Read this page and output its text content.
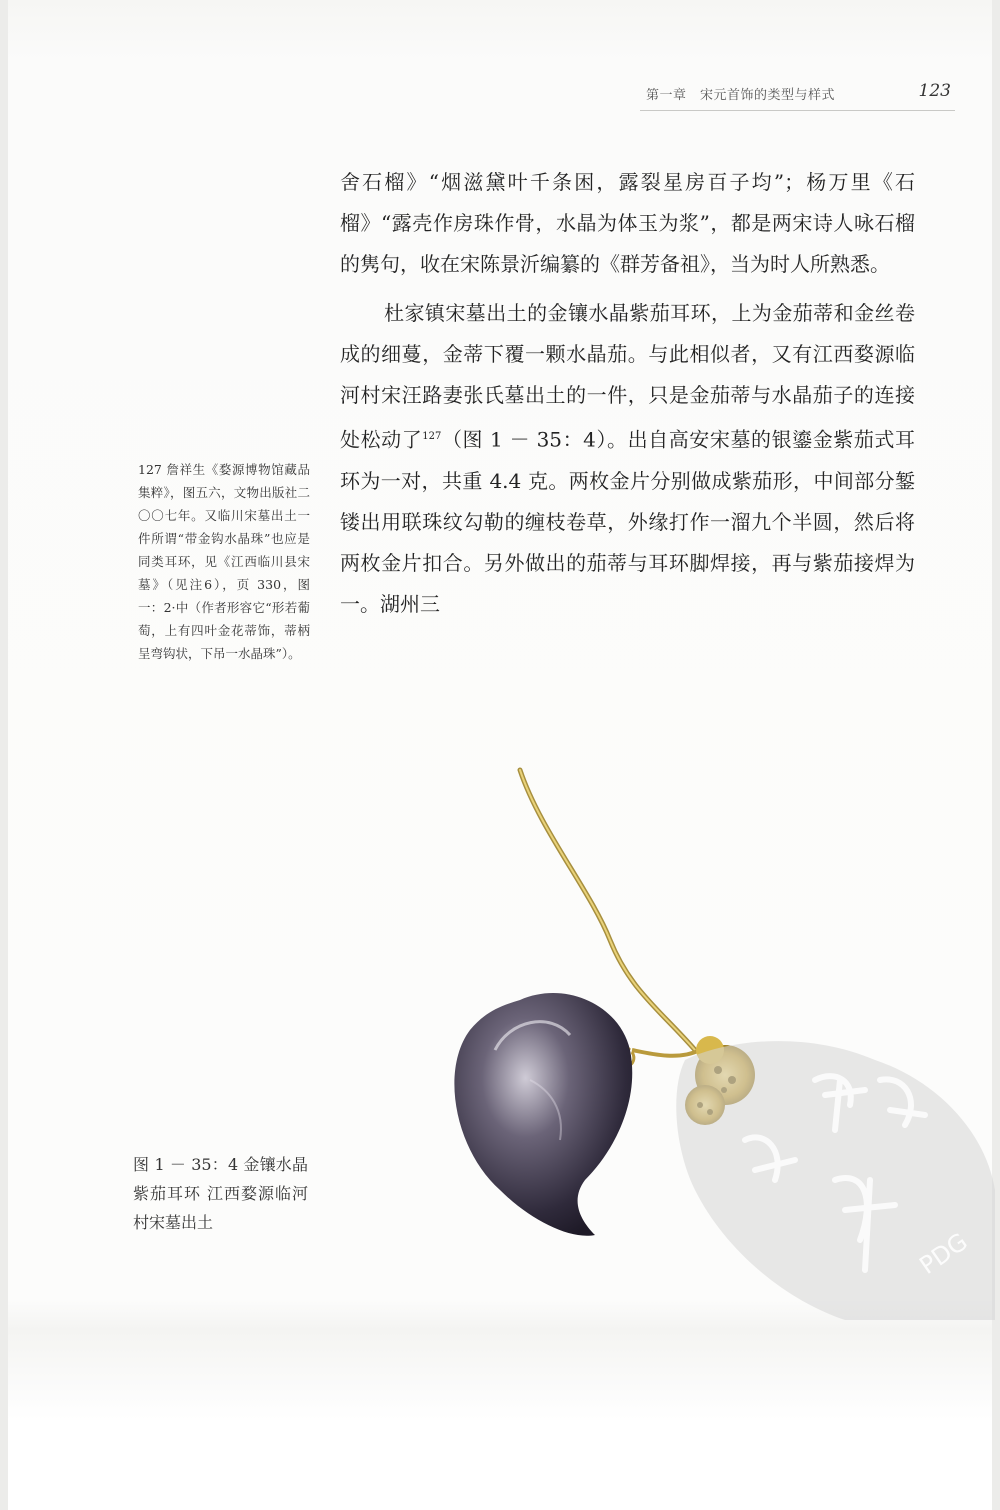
第一章　宋元首饰的类型与样式	123

舍石榴》“烟滋黛叶千条困，露裂星房百子均”；杨万里《石榴》“露壳作房珠作骨，水晶为体玉为浆”，都是两宋诗人咏石榴的隽句，收在宋陈景沂编纂的《群芳备祖》，当为时人所熟悉。

杜家镇宋墓出土的金镶水晶紫茄耳环，上为金茄蒂和金丝卷成的细蔓，金蒂下覆一颗水晶茄。与此相似者，又有江西婺源临河村宋汪路妻张氏墓出土的一件，只是金茄蒂与水晶茄子的连接处松动了$^{127}$（图 1 － 35：4）。出自高安宋墓的银鎏金紫茄式耳环为一对，共重 4.4 克。两枚金片分别做成紫茄形，中间部分錾镂出用联珠纹勾勒的缠枝卷草，外缘打作一溜九个半圆，然后将两枚金片扣合。另外做出的茄蒂与耳环脚焊接，再与紫茄接焊为一。湖州三

127 詹祥生《婺源博物馆藏品集粹》，图五六，文物出版社二〇〇七年。又临川宋墓出土一件所谓“带金钩水晶珠”也应是同类耳环，见《江西临川县宋墓》（见注6），页 330，图一：2·中（作者形容它“形若葡萄，上有四叶金花蒂饰，蒂柄呈弯钩状，下吊一水晶珠”）。
图 1 － 35：4 金镶水晶紫茄耳环 江西婺源临河村宋墓出土
PDG
